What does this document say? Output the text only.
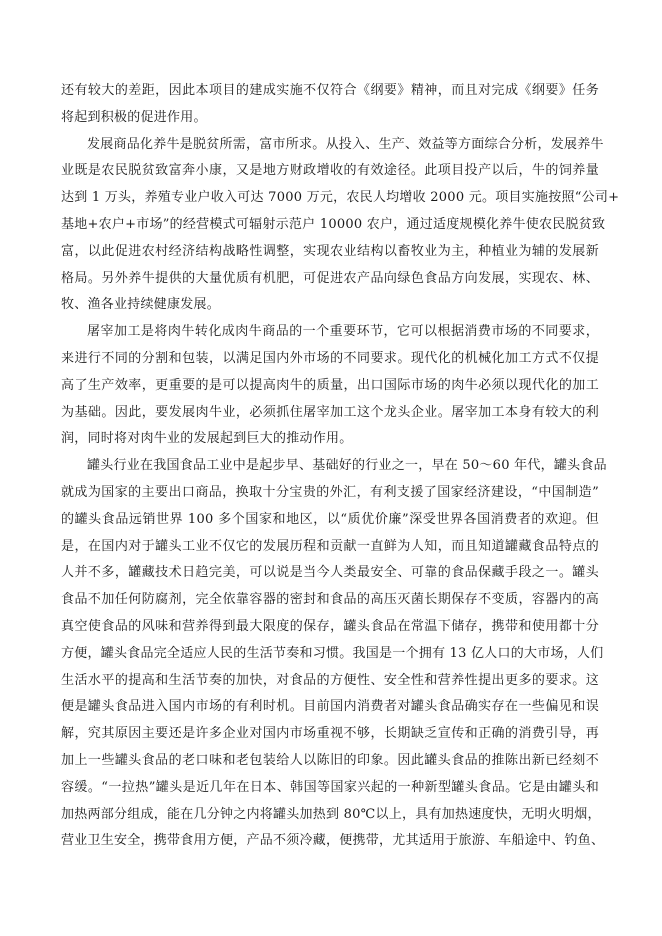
还有较大的差距，因此本项目的建成实施不仅符合《纲要》精神，而且对完成《纲要》任务
将起到积极的促进作用。
发展商品化养牛是脱贫所需，富市所求。从投入、生产、效益等方面综合分析，发展养牛
业既是农民脱贫致富奔小康，又是地方财政增收的有效途径。此项目投产以后，牛的饲养量
达到 1 万头，养殖专业户收入可达 7000 万元，农民人均增收 2000 元。项目实施按照“公司+
基地+农户+市场”的经营模式可辐射示范户 10000 农户，通过适度规模化养牛使农民脱贫致
富，以此促进农村经济结构战略性调整，实现农业结构以畜牧业为主，种植业为辅的发展新
格局。另外养牛提供的大量优质有机肥，可促进农产品向绿色食品方向发展，实现农、林、
牧、渔各业持续健康发展。
屠宰加工是将肉牛转化成肉牛商品的一个重要环节，它可以根据消费市场的不同要求，
来进行不同的分割和包装，以满足国内外市场的不同要求。现代化的机械化加工方式不仅提
高了生产效率，更重要的是可以提高肉牛的质量，出口国际市场的肉牛必须以现代化的加工
为基础。因此，要发展肉牛业，必须抓住屠宰加工这个龙头企业。屠宰加工本身有较大的利
润，同时将对肉牛业的发展起到巨大的推动作用。
罐头行业在我国食品工业中是起步早、基础好的行业之一，早在 50～60 年代，罐头食品
就成为国家的主要出口商品，换取十分宝贵的外汇，有利支援了国家经济建设，“中国制造”
的罐头食品远销世界 100 多个国家和地区，以“质优价廉”深受世界各国消费者的欢迎。但
是，在国内对于罐头工业不仅它的发展历程和贡献一直鲜为人知，而且知道罐藏食品特点的
人并不多，罐藏技术日趋完美，可以说是当今人类最安全、可靠的食品保藏手段之一。罐头
食品不加任何防腐剂，完全依靠容器的密封和食品的高压灭菌长期保存不变质，容器内的高
真空使食品的风味和营养得到最大限度的保存，罐头食品在常温下储存，携带和使用都十分
方便，罐头食品完全适应人民的生活节奏和习惯。我国是一个拥有 13 亿人口的大市场，人们
生活水平的提高和生活节奏的加快，对食品的方便性、安全性和营养性提出更多的要求。这
便是罐头食品进入国内市场的有利时机。目前国内消费者对罐头食品确实存在一些偏见和误
解，究其原因主要还是许多企业对国内市场重视不够，长期缺乏宣传和正确的消费引导，再
加上一些罐头食品的老口味和老包装给人以陈旧的印象。因此罐头食品的推陈出新已经刻不
容缓。“一拉热”罐头是近几年在日本、韩国等国家兴起的一种新型罐头食品。它是由罐头和
加热两部分组成，能在几分钟之内将罐头加热到 80℃以上，具有加热速度快，无明火明烟，
营业卫生安全，携带食用方便，产品不须冷藏，便携带，尤其适用于旅游、车船途中、钓鱼、
